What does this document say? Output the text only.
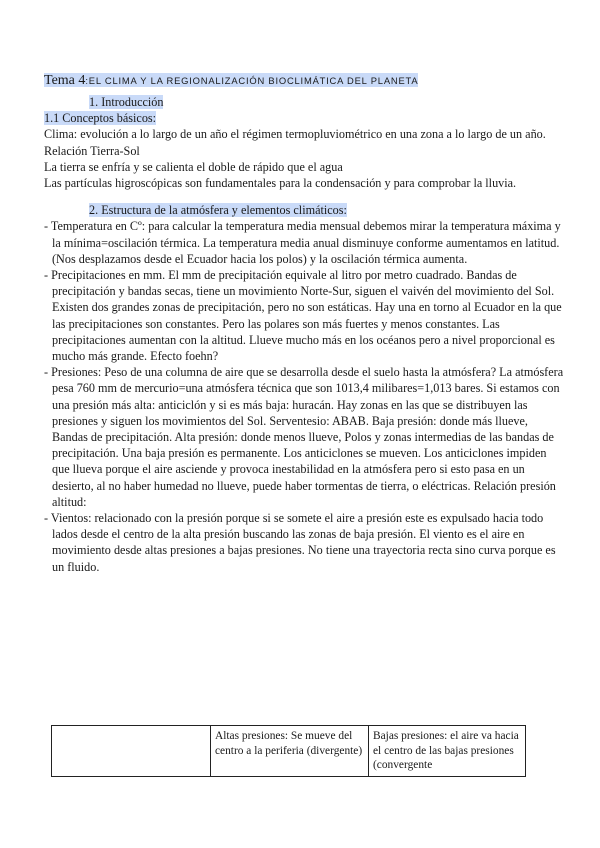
Tema 4:EL CLIMA Y LA REGIONALIZACIÓN BIOCLIMÁTICA DEL PLANETA
1. Introducción
1.1 Conceptos básicos:

Clima: evolución a lo largo de un año el régimen termopluviométrico en una zona a lo largo de un año.

Relación Tierra-Sol

La tierra se enfría y se calienta el doble de rápido que el agua

Las partículas higroscópicas son fundamentales para la condensación y para comprobar la lluvia.

2. Estructura de la atmósfera y elementos climáticos:

- Temperatura en Cº: para calcular la temperatura media mensual debemos mirar la temperatura máxima y la mínima=oscilación térmica. La temperatura media anual disminuye conforme aumentamos en latitud. (Nos desplazamos desde el Ecuador hacia los polos) y la oscilación térmica aumenta.

- Precipitaciones en mm. El mm de precipitación equivale al litro por metro cuadrado. Bandas de precipitación y bandas secas, tiene un movimiento Norte-Sur, siguen el vaivén del movimiento del Sol. Existen dos grandes zonas de precipitación, pero no son estáticas. Hay una en torno al Ecuador en la que las precipitaciones son constantes. Pero las polares son más fuertes y menos constantes. Las precipitaciones aumentan con la altitud. Llueve mucho más en los océanos pero a nivel proporcional es mucho más grande. Efecto foehn?

- Presiones: Peso de una columna de aire que se desarrolla desde el suelo hasta la atmósfera? La atmósfera pesa 760 mm de mercurio=una atmósfera técnica que son 1013,4 milibares=1,013 bares. Si estamos con una presión más alta: anticiclón y si es más baja: huracán. Hay zonas en las que se distribuyen las presiones y siguen los movimientos del Sol. Serventesio: ABAB. Baja presión: donde más llueve, Bandas de precipitación. Alta presión: donde menos llueve, Polos y zonas intermedias de las bandas de precipitación. Una baja presión es permanente. Los anticiclones se mueven. Los anticiclones impiden que llueva porque el aire asciende y provoca inestabilidad en la atmósfera pero si esto pasa en un desierto, al no haber humedad no llueve, puede haber tormentas de tierra, o eléctricas. Relación presión altitud:

- Vientos: relacionado con la presión porque si se somete el aire a presión este es expulsado hacia todo lados desde el centro de la alta presión buscando las zonas de baja presión. El viento es el aire en movimiento desde altas presiones a bajas presiones. No tiene una trayectoria recta sino curva porque es un fluido.

	Altas presiones: Se mueve del centro a la periferia (divergente)	Bajas presiones: el aire va hacia el centro de las bajas presiones (convergente
